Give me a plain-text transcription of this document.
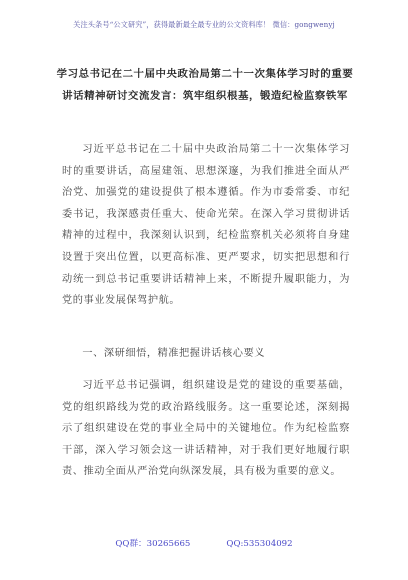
关注头条号“公文研究”，获得最新最全最专业的公文资料库！ 微信：gongwenyj
学习总书记在二十届中央政治局第二十一次集体学习时的重要讲话精神研讨交流发言：筑牢组织根基，锻造纪检监察铁军

习近平总书记在二十届中央政治局第二十一次集体学习时的重要讲话，高屋建瓴、思想深邃，为我们推进全面从严治党、加强党的建设提供了根本遵循。作为市委常委、市纪委书记，我深感责任重大、使命光荣。在深入学习贯彻讲话精神的过程中，我深刻认识到，纪检监察机关必须将自身建设置于突出位置，以更高标准、更严要求，切实把思想和行动统一到总书记重要讲话精神上来，不断提升履职能力，为党的事业发展保驾护航。

一、深研细悟，精准把握讲话核心要义

习近平总书记强调，组织建设是党的建设的重要基础，党的组织路线为党的政治路线服务。这一重要论述，深刻揭示了组织建设在党的事业全局中的关键地位。作为纪检监察干部，深入学习领会这一讲话精神，对于我们更好地履行职责、推动全面从严治党向纵深发展，具有极为重要的意义。

QQ群：30265665	QQ:535304092
